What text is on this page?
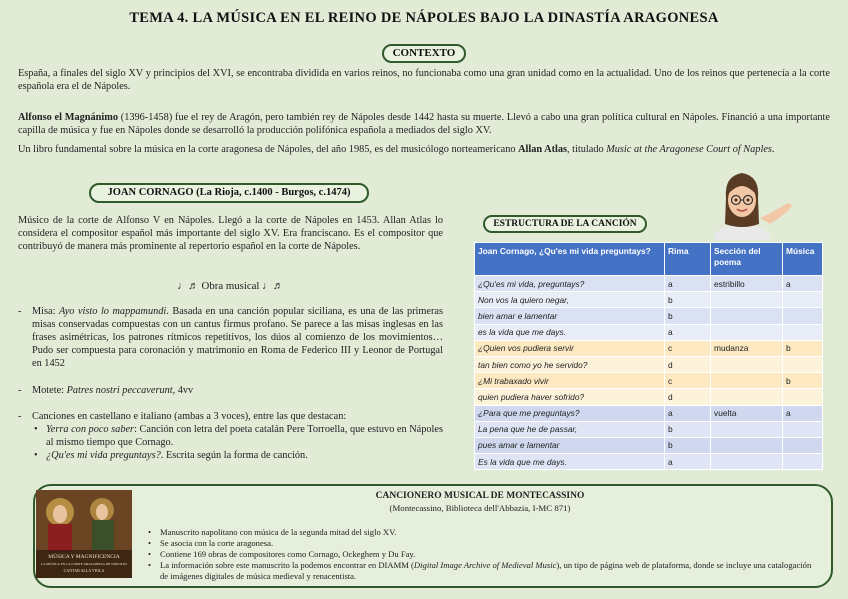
TEMA 4. LA MÚSICA EN EL REINO DE NÁPOLES BAJO LA DINASTÍA ARAGONESA
CONTEXTO
España, a finales del siglo XV y principios del XVI, se encontraba dividida en varios reinos, no funcionaba como una gran unidad como en la actualidad. Uno de los reinos que pertenecía a la corte española era el de Nápoles.
Alfonso el Magnánimo (1396-1458) fue el rey de Aragón, pero también rey de Nápoles desde 1442 hasta su muerte. Llevó a cabo una gran política cultural en Nápoles. Financió a una importante capilla de música y fue en Nápoles donde se desarrolló la producción polifónica española a mediados del siglo XV.
Un libro fundamental sobre la música en la corte aragonesa de Nápoles, del año 1985, es del musicólogo norteamericano Allan Atlas, titulado Music at the Aragonese Court of Naples.
JOAN CORNAGO (La Rioja, c.1400 - Burgos, c.1474)
Músico de la corte de Alfonso V en Nápoles. Llegó a la corte de Nápoles en 1453. Allan Atlas lo considera el compositor español más importante del siglo XV. Era franciscano. Es el compositor que contribuyó de manera más prominente al repertorio español en la corte de Nápoles.
♩♬ Obra musical ♩♬
- Misa: Ayo visto lo mappamundi. Basada en una canción popular siciliana, es una de las primeras misas conservadas compuestas con un cantus firmus profano. Se parece a las misas inglesas en las frases asimétricas, los patrones rítmicos repetitivos, los dúos al comienzo de los movimientos…Pudo ser compuesta para coronación y matrimonio en Roma de Federico III y Leonor de Portugal en 1452
- Motete: Patres nostri peccaverunt, 4vv
- Canciones en castellano e italiano (ambas a 3 voces), entre las que destacan:
• Yerra con poco saber: Canción con letra del poeta catalán Pere Torroella, que estuvo en Nápoles al mismo tiempo que Cornago.
• ¿Qu'es mi vida preguntays?. Escrita según la forma de canción.
ESTRUCTURA DE LA CANCIÓN
Joan Cornago, ¿Qu'es mi vida preguntays?	Rima	Sección del poema	Música
¿Qu'es mi vida, preguntays?	a	estribillo	a
Non vos la quiero negar,	b		
bien amar e lamentar	b		
es la vida que me days.	a		
¿Quien vos pudiera servir	c	mudanza	b
tan bien como yo he servido?	d		
¿Mi trabaxado vivir	c		b
quien pudiera haver sofrido?	d		
¿Para que me preguntays?	a	vuelta	a
La pena que he de passar,	b		
pues amar e lamentar	b		
Es la vida que me days.	a		
MÚSICA Y MAGNIFICENCIA
LA MÚSICA EN LA CORTE ARAGONESA DE NÁPOLES
CANTAR ALLA VIOLA
CANCIONERO MUSICAL DE MONTECASSINO
(Montecassino, Biblioteca dell'Abbazia, I-MC 871)
• Manuscrito napolitano con música de la segunda mitad del siglo XV.
• Se asocia con la corte aragonesa.
• Contiene 169 obras de compositores como Cornago, Ockeghem y Du Fay.
• La información sobre este manuscrito la podemos encontrar en DIAMM (Digital Image Archive of Medieval Music), un tipo de página web de plataforma, donde se incluye una catalogación de imágenes digitales de música medieval y renacentista.
